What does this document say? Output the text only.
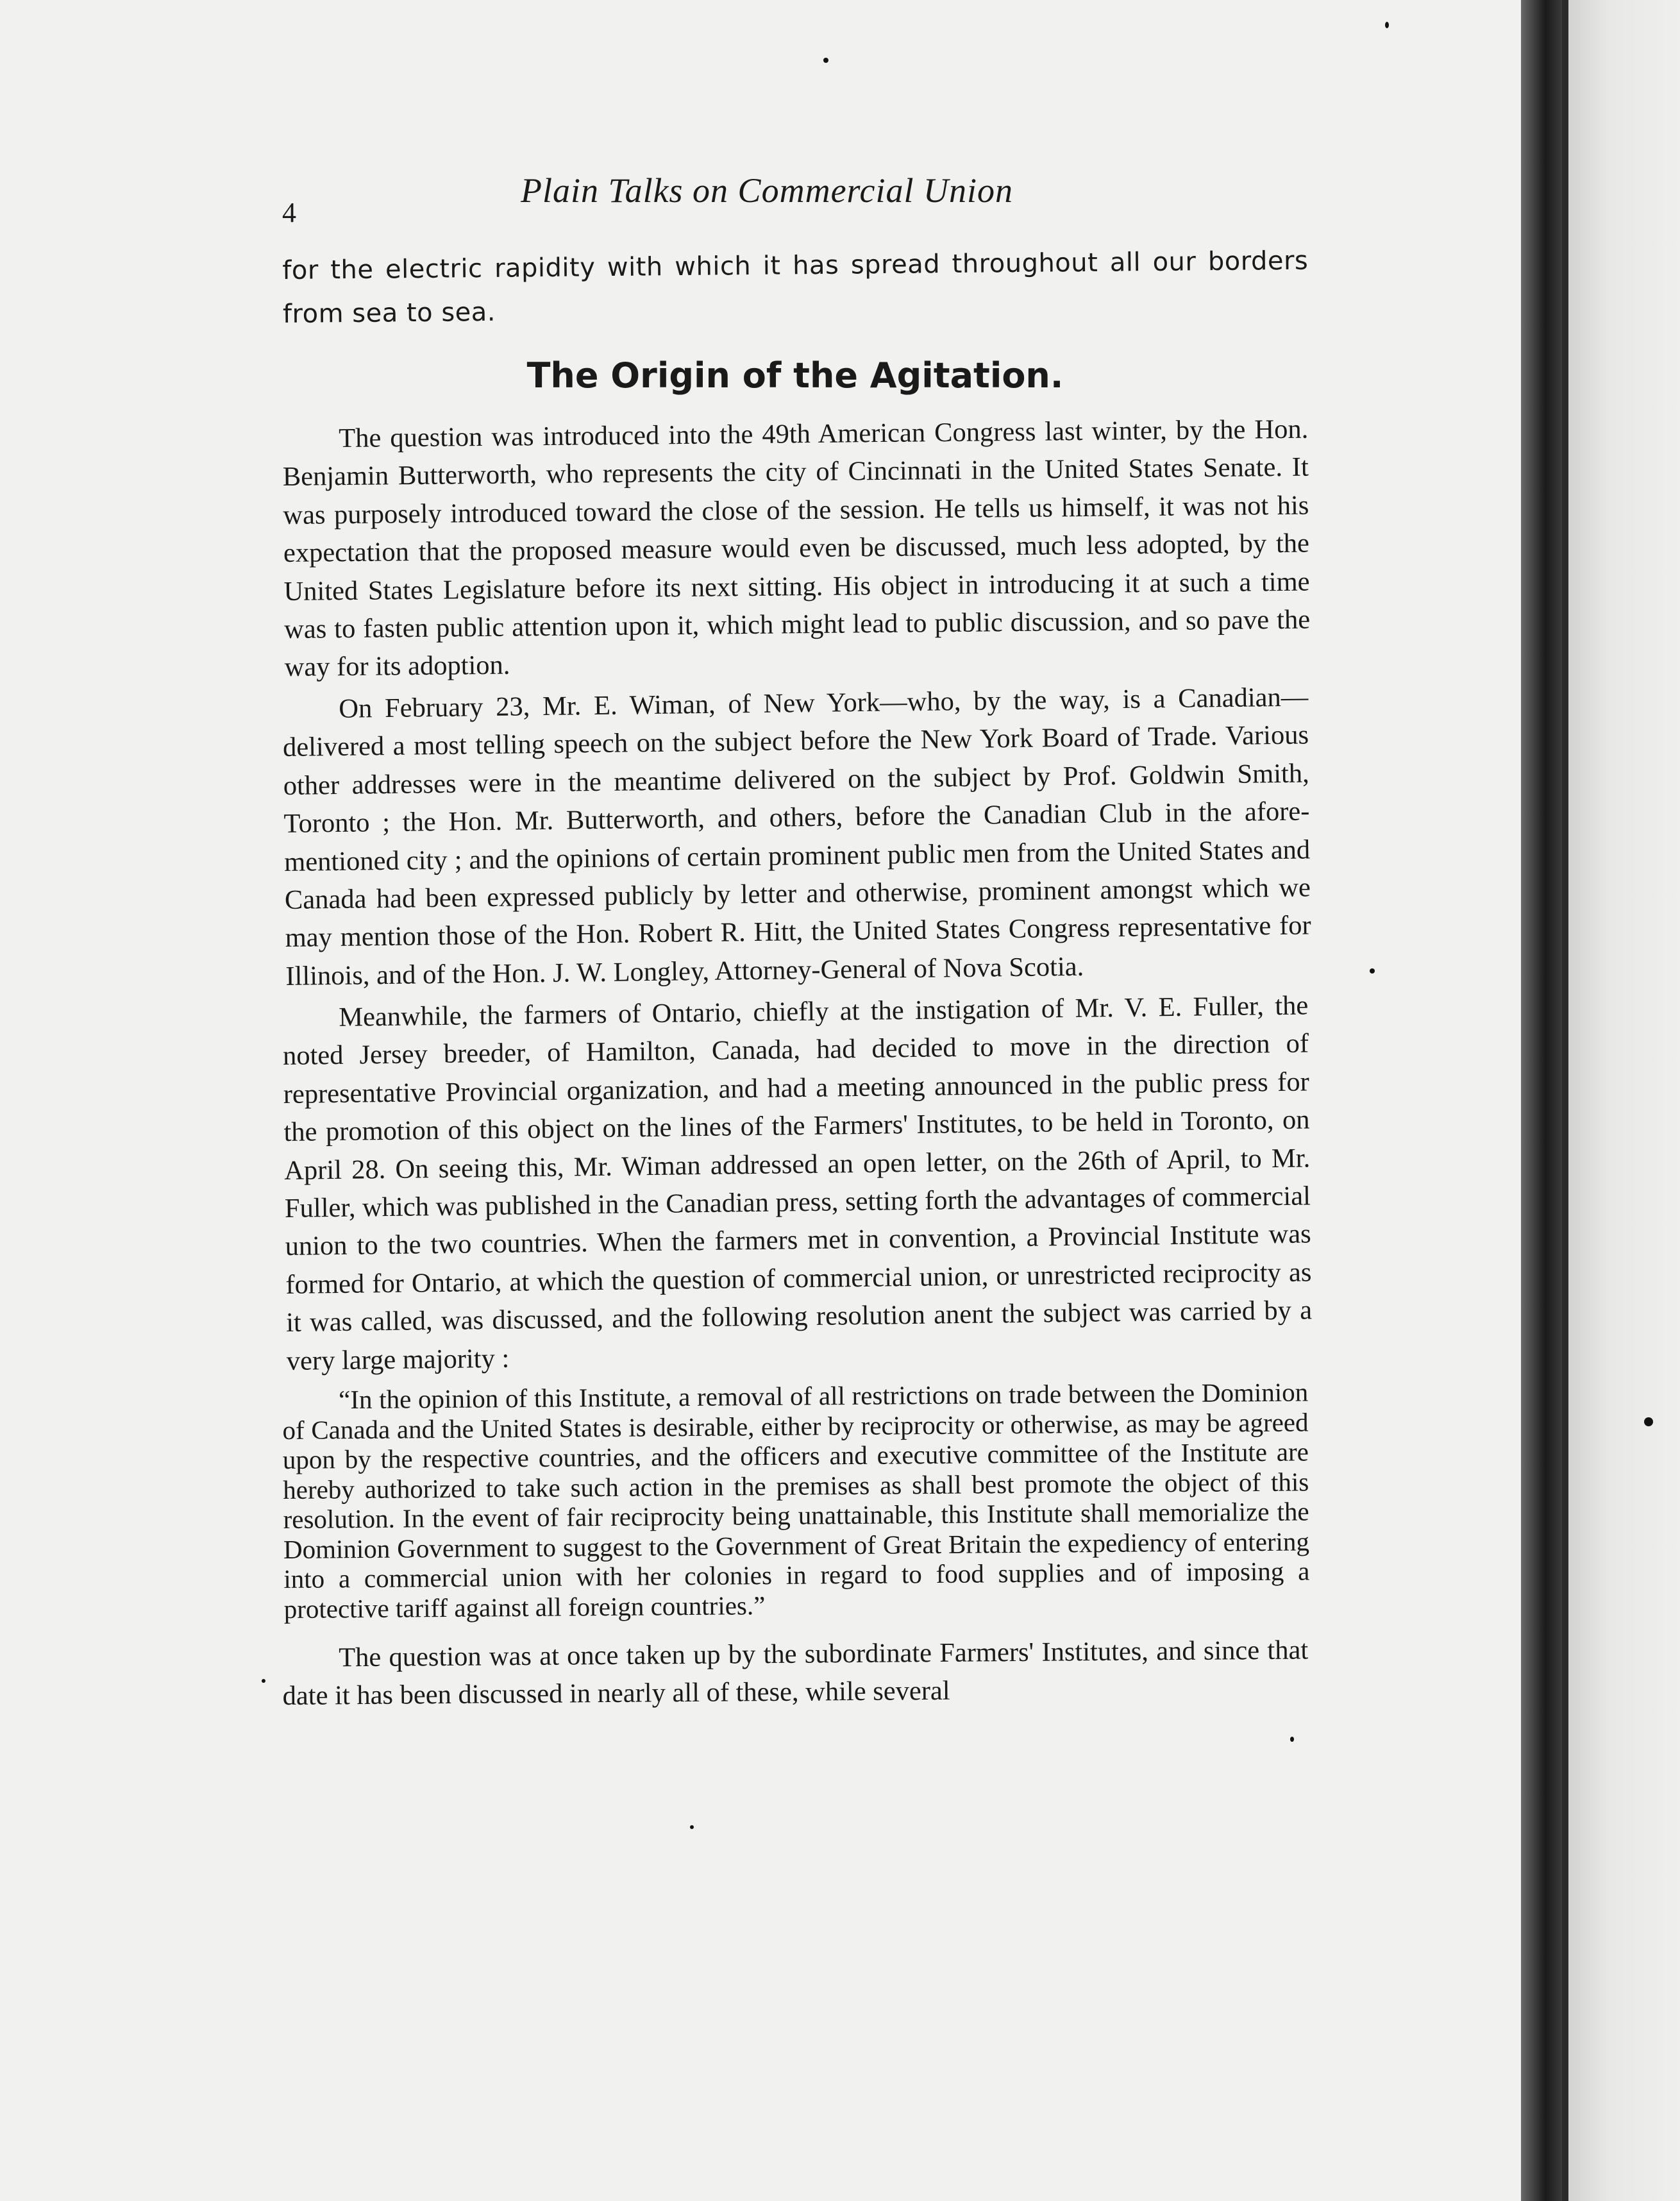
4
Plain Talks on Commercial Union

for the electric rapidity with which it has spread throughout all our borders from sea to sea.

The Origin of the Agitation.

The question was introduced into the 49th American Congress last winter, by the Hon. Benjamin Butterworth, who represents the city of Cincinnati in the United States Senate. It was purposely introduced toward the close of the session. He tells us himself, it was not his expectation that the proposed measure would even be discussed, much less adopted, by the United States Legislature before its next sitting. His object in introducing it at such a time was to fasten public attention upon it, which might lead to public discussion, and so pave the way for its adoption.

On February 23, Mr. E. Wiman, of New York—who, by the way, is a Canadian—delivered a most telling speech on the subject before the New York Board of Trade. Various other addresses were in the meantime delivered on the subject by Prof. Goldwin Smith, Toronto ; the Hon. Mr. Butterworth, and others, before the Canadian Club in the afore-mentioned city ; and the opinions of certain prominent public men from the United States and Canada had been expressed publicly by letter and otherwise, prominent amongst which we may mention those of the Hon. Robert R. Hitt, the United States Congress representative for Illinois, and of the Hon. J. W. Longley, Attorney-General of Nova Scotia.

Meanwhile, the farmers of Ontario, chiefly at the instigation of Mr. V. E. Fuller, the noted Jersey breeder, of Hamilton, Canada, had decided to move in the direction of representative Provincial organization, and had a meeting announced in the public press for the promotion of this object on the lines of the Farmers' Institutes, to be held in Toronto, on April 28. On seeing this, Mr. Wiman addressed an open letter, on the 26th of April, to Mr. Fuller, which was published in the Canadian press, setting forth the advantages of commercial union to the two countries. When the farmers met in convention, a Provincial Institute was formed for Ontario, at which the question of commercial union, or unrestricted reciprocity as it was called, was discussed, and the following resolution anent the subject was carried by a very large majority :

“In the opinion of this Institute, a removal of all restrictions on trade between the Dominion of Canada and the United States is desirable, either by reciprocity or otherwise, as may be agreed upon by the respective countries, and the officers and executive committee of the Institute are hereby authorized to take such action in the premises as shall best promote the object of this resolution. In the event of fair reciprocity being unattainable, this Institute shall memorialize the Dominion Government to suggest to the Government of Great Britain the expediency of entering into a commercial union with her colonies in regard to food supplies and of imposing a protective tariff against all foreign countries.”

The question was at once taken up by the subordinate Farmers' Institutes, and since that date it has been discussed in nearly all of these, while several
